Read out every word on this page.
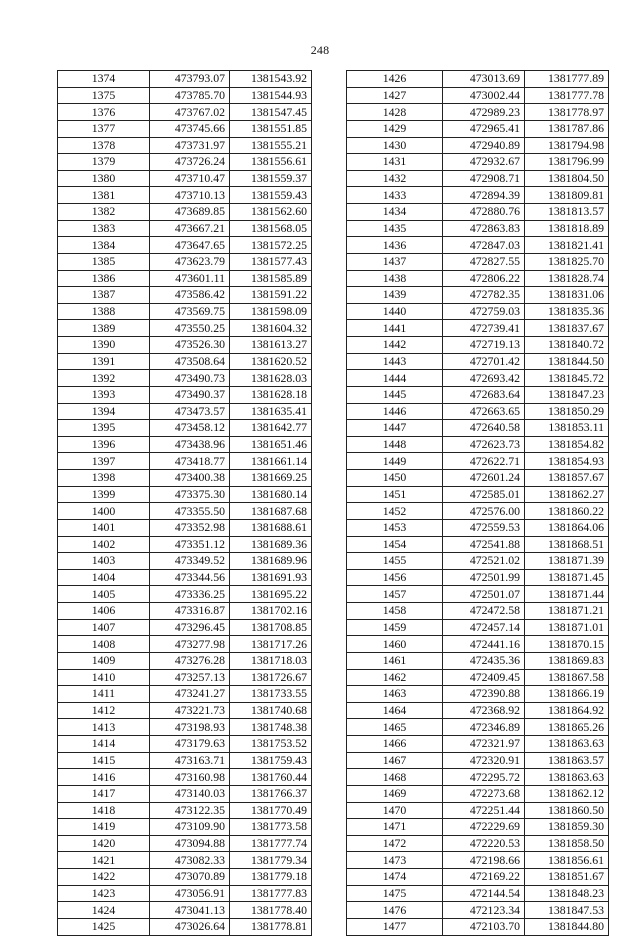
248
1374	473793.07	1381543.92
1375	473785.70	1381544.93
1376	473767.02	1381547.45
1377	473745.66	1381551.85
1378	473731.97	1381555.21
1379	473726.24	1381556.61
1380	473710.47	1381559.37
1381	473710.13	1381559.43
1382	473689.85	1381562.60
1383	473667.21	1381568.05
1384	473647.65	1381572.25
1385	473623.79	1381577.43
1386	473601.11	1381585.89
1387	473586.42	1381591.22
1388	473569.75	1381598.09
1389	473550.25	1381604.32
1390	473526.30	1381613.27
1391	473508.64	1381620.52
1392	473490.73	1381628.03
1393	473490.37	1381628.18
1394	473473.57	1381635.41
1395	473458.12	1381642.77
1396	473438.96	1381651.46
1397	473418.77	1381661.14
1398	473400.38	1381669.25
1399	473375.30	1381680.14
1400	473355.50	1381687.68
1401	473352.98	1381688.61
1402	473351.12	1381689.36
1403	473349.52	1381689.96
1404	473344.56	1381691.93
1405	473336.25	1381695.22
1406	473316.87	1381702.16
1407	473296.45	1381708.85
1408	473277.98	1381717.26
1409	473276.28	1381718.03
1410	473257.13	1381726.67
1411	473241.27	1381733.55
1412	473221.73	1381740.68
1413	473198.93	1381748.38
1414	473179.63	1381753.52
1415	473163.71	1381759.43
1416	473160.98	1381760.44
1417	473140.03	1381766.37
1418	473122.35	1381770.49
1419	473109.90	1381773.58
1420	473094.88	1381777.74
1421	473082.33	1381779.34
1422	473070.89	1381779.18
1423	473056.91	1381777.83
1424	473041.13	1381778.40
1425	473026.64	1381778.81
1426	473013.69	1381777.89
1427	473002.44	1381777.78
1428	472989.23	1381778.97
1429	472965.41	1381787.86
1430	472940.89	1381794.98
1431	472932.67	1381796.99
1432	472908.71	1381804.50
1433	472894.39	1381809.81
1434	472880.76	1381813.57
1435	472863.83	1381818.89
1436	472847.03	1381821.41
1437	472827.55	1381825.70
1438	472806.22	1381828.74
1439	472782.35	1381831.06
1440	472759.03	1381835.36
1441	472739.41	1381837.67
1442	472719.13	1381840.72
1443	472701.42	1381844.50
1444	472693.42	1381845.72
1445	472683.64	1381847.23
1446	472663.65	1381850.29
1447	472640.58	1381853.11
1448	472623.73	1381854.82
1449	472622.71	1381854.93
1450	472601.24	1381857.67
1451	472585.01	1381862.27
1452	472576.00	1381860.22
1453	472559.53	1381864.06
1454	472541.88	1381868.51
1455	472521.02	1381871.39
1456	472501.99	1381871.45
1457	472501.07	1381871.44
1458	472472.58	1381871.21
1459	472457.14	1381871.01
1460	472441.16	1381870.15
1461	472435.36	1381869.83
1462	472409.45	1381867.58
1463	472390.88	1381866.19
1464	472368.92	1381864.92
1465	472346.89	1381865.26
1466	472321.97	1381863.63
1467	472320.91	1381863.57
1468	472295.72	1381863.63
1469	472273.68	1381862.12
1470	472251.44	1381860.50
1471	472229.69	1381859.30
1472	472220.53	1381858.50
1473	472198.66	1381856.61
1474	472169.22	1381851.67
1475	472144.54	1381848.23
1476	472123.34	1381847.53
1477	472103.70	1381844.80
